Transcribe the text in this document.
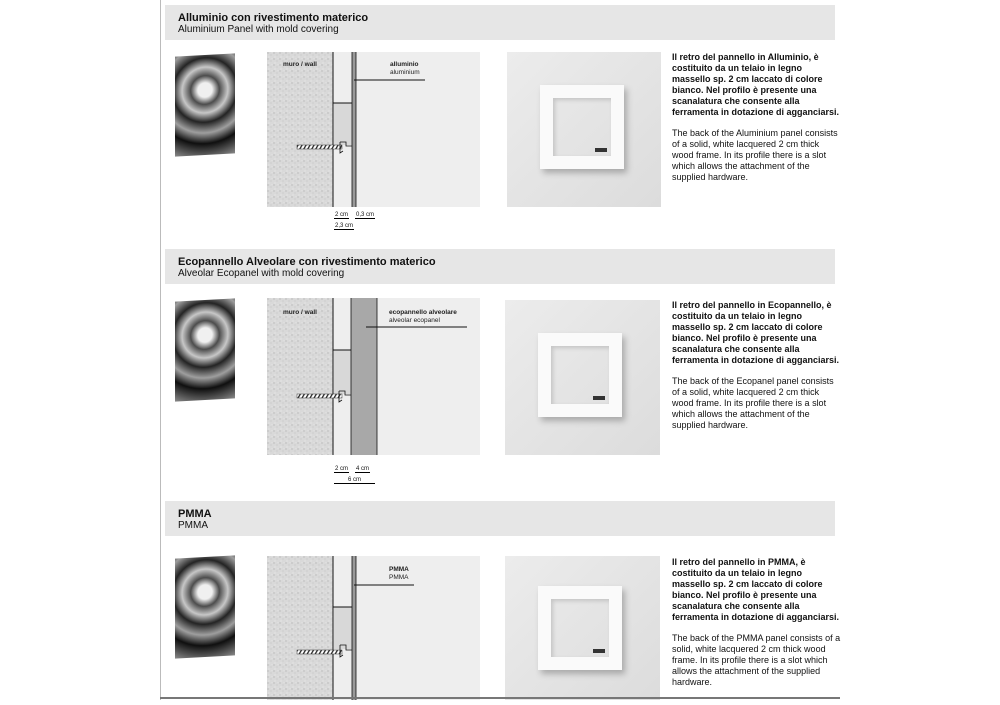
Alluminio con rivestimento materico
Aluminium Panel with mold covering
muro / wall	alluminio
aluminium
2 cm 0,3 cm
2,3 cm
Il retro del pannello in Alluminio, è costituito da un telaio in legno massello sp. 2 cm laccato di colore bianco. Nel profilo è presente una scanalatura che consente alla ferramenta in dotazione di agganciarsi.
The back of the Aluminium panel consists of a solid, white lacquered 2 cm thick wood frame. In its profile there is a slot which allows the attachment of the supplied hardware.
Ecopannello Alveolare con rivestimento materico
Alveolar Ecopanel with mold covering
muro / wall	ecopannello alveolare
alveolar ecopanel
2 cm 4 cm
6 cm
Il retro del pannello in Ecopannello, è costituito da un telaio in legno massello sp. 2 cm laccato di colore bianco. Nel profilo è presente una scanalatura che consente alla ferramenta in dotazione di agganciarsi.
The back of the Ecopanel panel consists of a solid, white lacquered 2 cm thick wood frame. In its profile there is a slot which allows the attachment of the supplied hardware.
PMMA
PMMA
PMMA
PMMA
Il retro del pannello in PMMA, è costituito da un telaio in legno massello sp. 2 cm laccato di colore bianco. Nel profilo è presente una scanalatura che consente alla ferramenta in dotazione di agganciarsi.
The back of the PMMA panel consists of a solid, white lacquered 2 cm thick wood frame. In its profile there is a slot which allows the attachment of the supplied hardware.
